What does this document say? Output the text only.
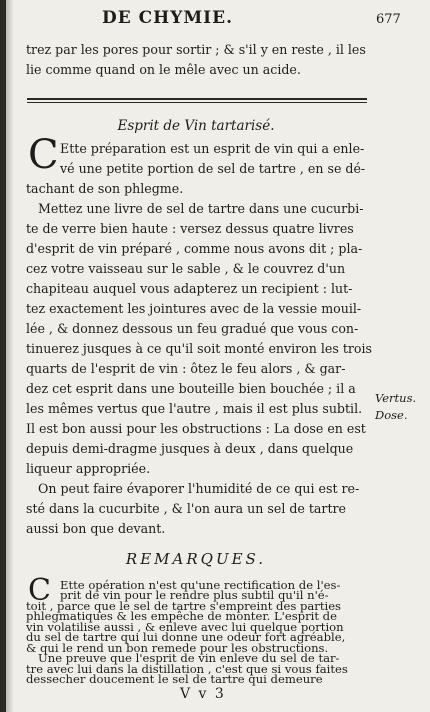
DE CHYMIE.	677
trez par les pores pour sortir ; & s'il y en reste , il les
lie comme quand on le mêle avec un acide.
Esprit de Vin tartarisé.
C Ette préparation est un esprit de vin qui a enle-
vé une petite portion de sel de tartre , en se dé-
tachant de son phlegme.
Mettez une livre de sel de tartre dans une cucurbi-
te de verre bien haute : versez dessus quatre livres
d'esprit de vin préparé , comme nous avons dit ; pla-
cez votre vaisseau sur le sable , & le couvrez d'un
chapiteau auquel vous adapterez un recipient : lut-
tez exactement les jointures avec de la vessie mouil-
lée , & donnez dessous un feu gradué que vous con-
tinuerez jusques à ce qu'il soit monté environ les trois
quarts de l'esprit de vin : ôtez le feu alors , & gar-
dez cet esprit dans une bouteille bien bouchée ; il a
les mêmes vertus que l'autre , mais il est plus subtil.
Il est bon aussi pour les obstructions : La dose en est
depuis demi-dragme jusques à deux , dans quelque
liqueur appropriée.
On peut faire évaporer l'humidité de ce qui est re-
sté dans la cucurbite , & l'on aura un sel de tartre
aussi bon que devant.
Vertus.
Dose.
REMARQUES.
C Ette opération n'est qu'une rectification de l'es-
prit de vin pour le rendre plus subtil qu'il n'é-
toit , parce que le sel de tartre s'empreint des parties
phlegmatiques & les empêche de monter. L'esprit de
vin volatilise aussi , & enleve avec lui quelque portion
V v 3
du sel de tartre qui lui donne une odeur fort agréable,
& qui le rend un bon remede pour les obstructions.
Une preuve que l'esprit de vin enleve du sel de tar-
tre avec lui dans la distillation , c'est que si vous faites
dessecher doucement le sel de tartre qui demeure
